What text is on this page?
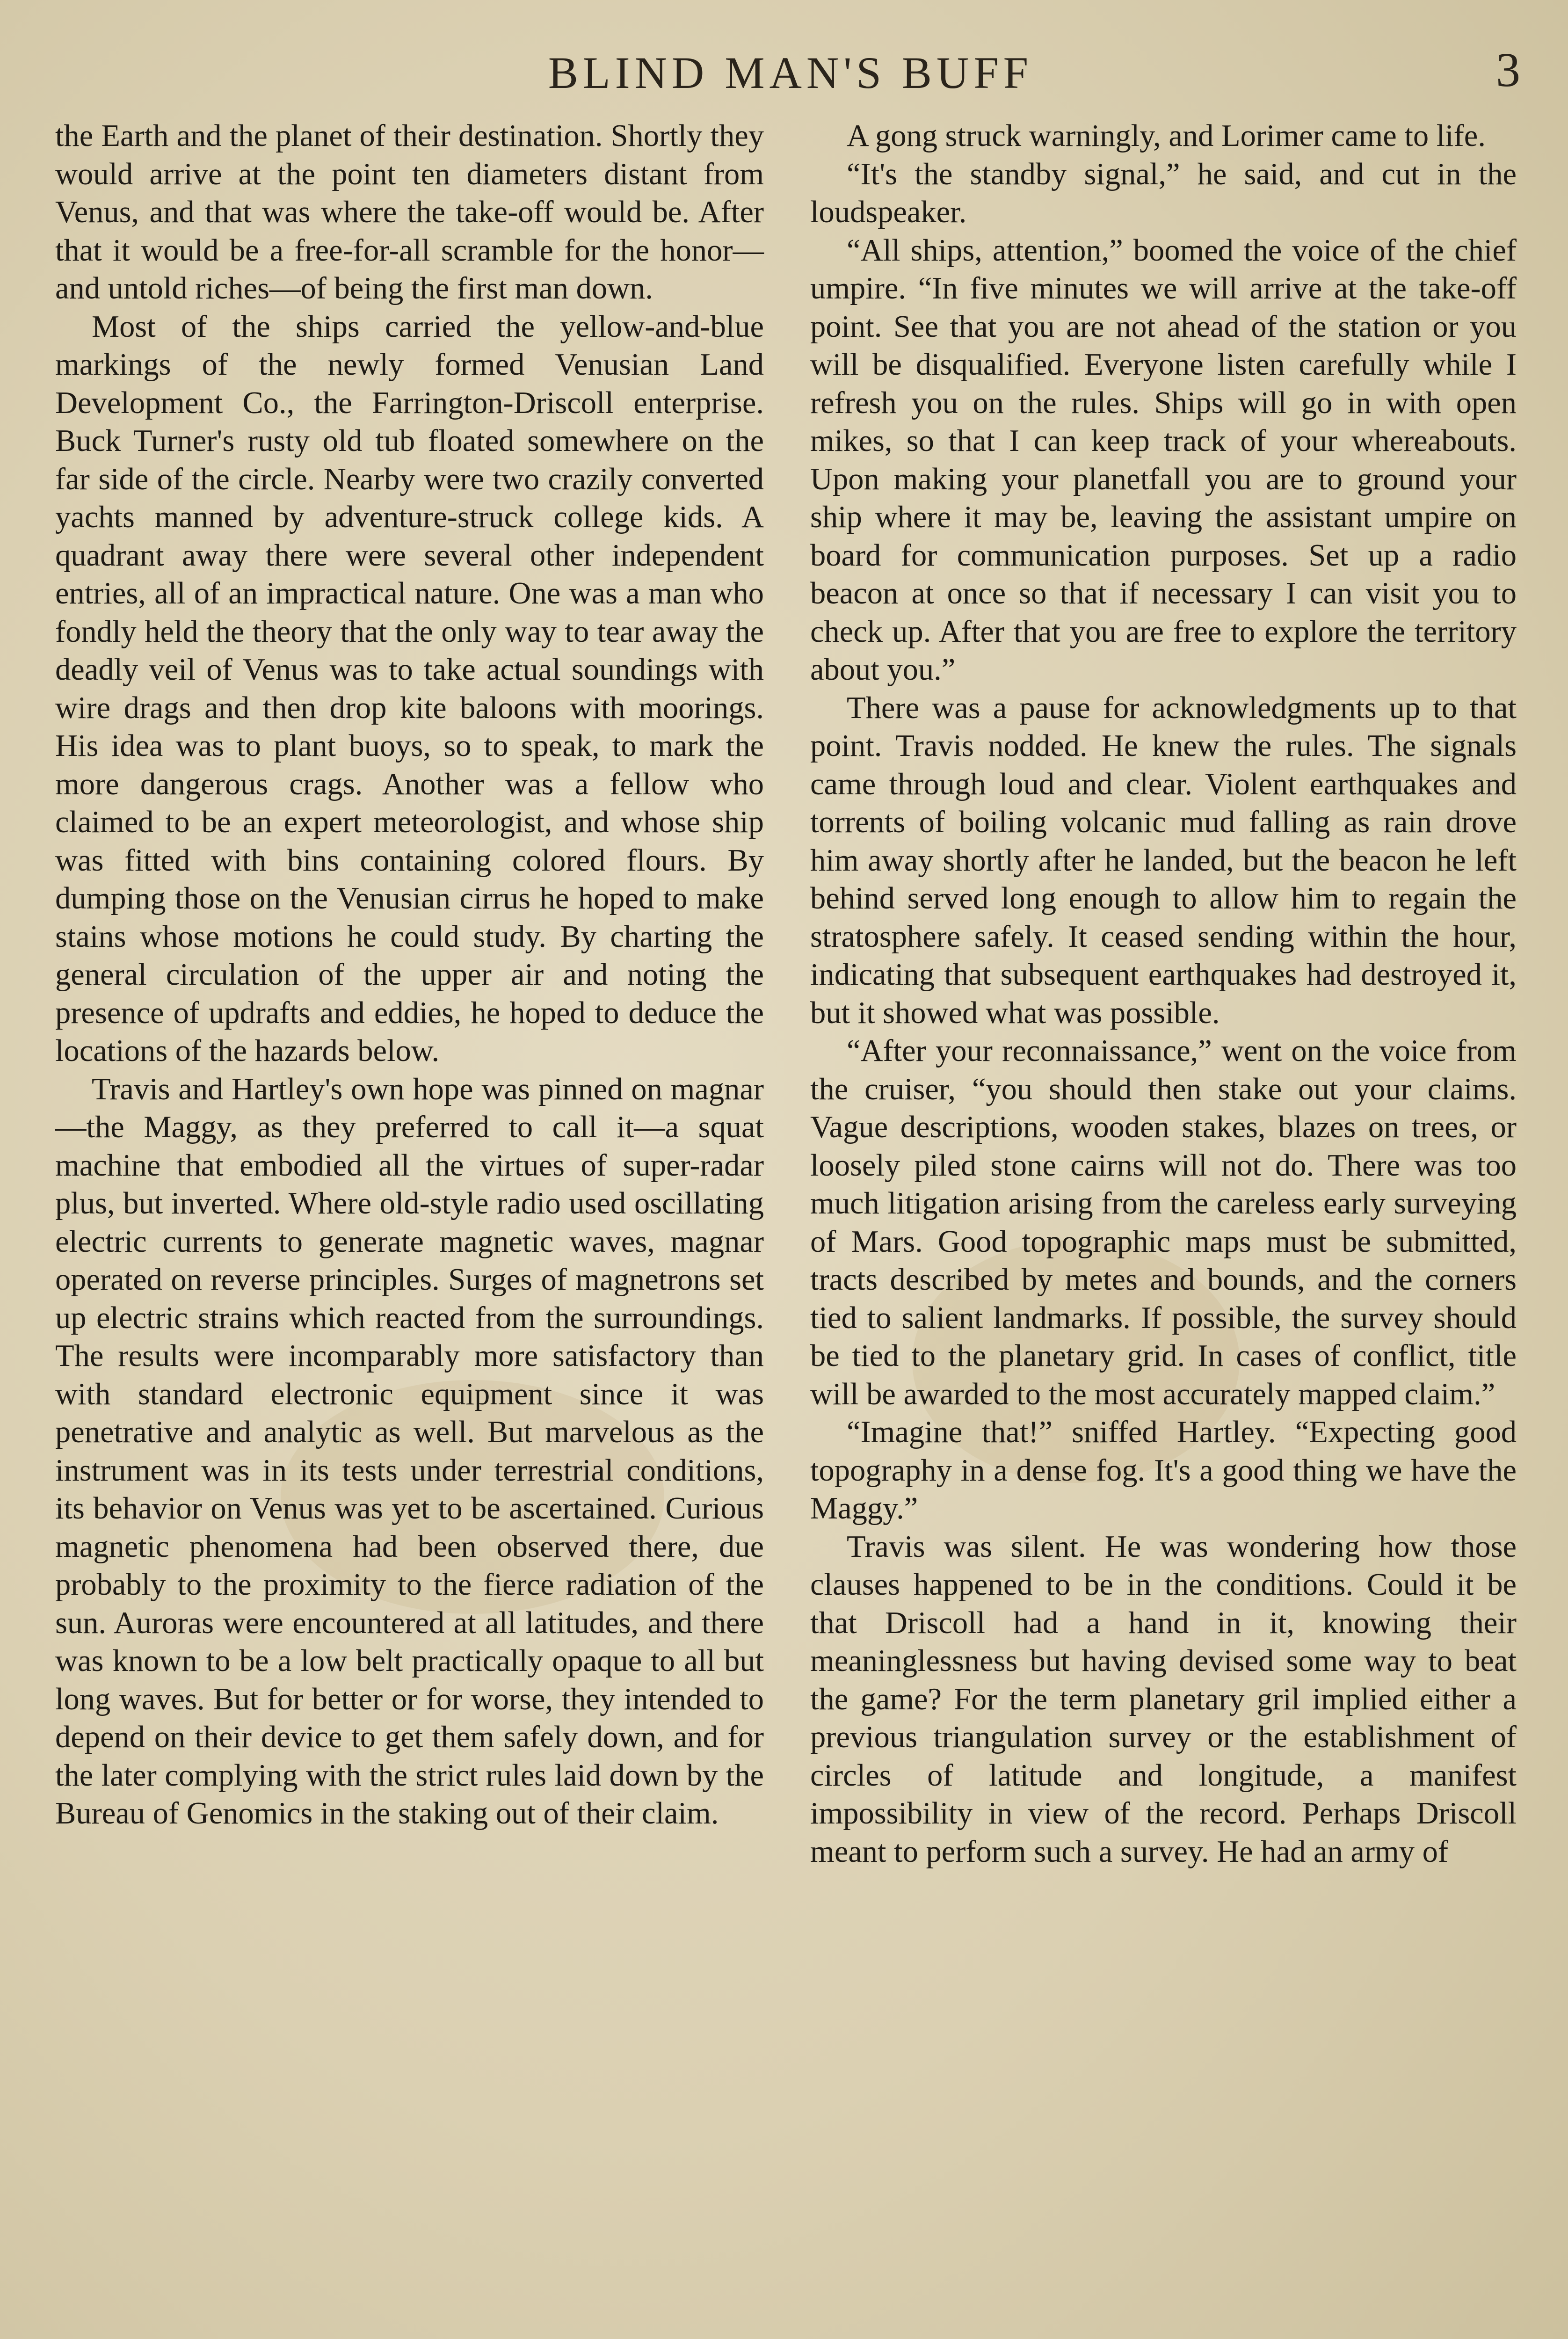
BLIND MAN'S BUFF	3

the Earth and the planet of their destination. Shortly they would arrive at the point ten diameters distant from Venus, and that was where the take-off would be. After that it would be a free-for-all scramble for the honor—and untold riches—of being the first man down.

Most of the ships carried the yellow-and-blue markings of the newly formed Venusian Land Development Co., the Farrington-Driscoll enterprise. Buck Turner's rusty old tub floated somewhere on the far side of the circle. Nearby were two crazily converted yachts manned by adventure-struck college kids. A quadrant away there were several other independent entries, all of an impractical nature. One was a man who fondly held the theory that the only way to tear away the deadly veil of Venus was to take actual soundings with wire drags and then drop kite baloons with moorings. His idea was to plant buoys, so to speak, to mark the more dangerous crags. Another was a fellow who claimed to be an expert meteorologist, and whose ship was fitted with bins containing colored flours. By dumping those on the Venusian cirrus he hoped to make stains whose motions he could study. By charting the general circulation of the upper air and noting the presence of updrafts and eddies, he hoped to deduce the locations of the hazards below.

Travis and Hartley's own hope was pinned on magnar—the Maggy, as they preferred to call it—a squat machine that embodied all the virtues of super-radar plus, but inverted. Where old-style radio used oscillating electric currents to generate magnetic waves, magnar operated on reverse principles. Surges of magnetrons set up electric strains which reacted from the surroundings. The results were incomparably more satisfactory than with standard electronic equipment since it was penetrative and analytic as well. But marvelous as the instrument was in its tests under terrestrial conditions, its behavior on Venus was yet to be ascertained. Curious magnetic phenomena had been observed there, due probably to the proximity to the fierce radiation of the sun. Auroras were encountered at all latitudes, and there was known to be a low belt practically opaque to all but long waves. But for better or for worse, they intended to depend on their device to get them safely down, and for the later complying with the strict rules laid down by the Bureau of Genomics in the staking out of their claim.

A gong struck warningly, and Lorimer came to life.

“It's the standby signal,” he said, and cut in the loudspeaker.

“All ships, attention,” boomed the voice of the chief umpire. “In five minutes we will arrive at the take-off point. See that you are not ahead of the station or you will be disqualified. Everyone listen carefully while I refresh you on the rules. Ships will go in with open mikes, so that I can keep track of your whereabouts. Upon making your planetfall you are to ground your ship where it may be, leaving the assistant umpire on board for communication purposes. Set up a radio beacon at once so that if necessary I can visit you to check up. After that you are free to explore the territory about you.”

There was a pause for acknowledgments up to that point. Travis nodded. He knew the rules. The signals came through loud and clear. Violent earthquakes and torrents of boiling volcanic mud falling as rain drove him away shortly after he landed, but the beacon he left behind served long enough to allow him to regain the stratosphere safely. It ceased sending within the hour, indicating that subsequent earthquakes had destroyed it, but it showed what was possible.

“After your reconnaissance,” went on the voice from the cruiser, “you should then stake out your claims. Vague descriptions, wooden stakes, blazes on trees, or loosely piled stone cairns will not do. There was too much litigation arising from the careless early surveying of Mars. Good topographic maps must be submitted, tracts described by metes and bounds, and the corners tied to salient landmarks. If possible, the survey should be tied to the planetary grid. In cases of conflict, title will be awarded to the most accurately mapped claim.”

“Imagine that!” sniffed Hartley. “Expecting good topography in a dense fog. It's a good thing we have the Maggy.”

Travis was silent. He was wondering how those clauses happened to be in the conditions. Could it be that Driscoll had a hand in it, knowing their meaninglessness but having devised some way to beat the game? For the term planetary gril implied either a previous triangulation survey or the establishment of circles of latitude and longitude, a manifest impossibility in view of the record. Perhaps Driscoll meant to perform such a survey. He had an army of
